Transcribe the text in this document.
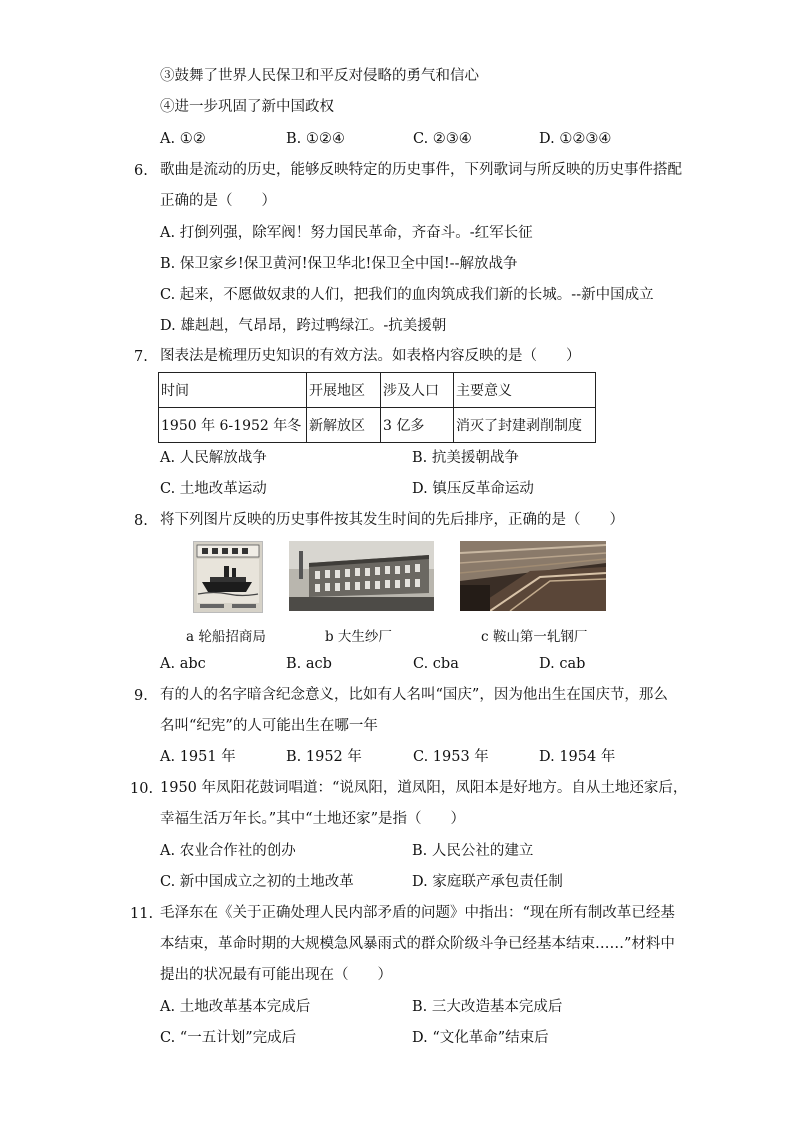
③鼓舞了世界人民保卫和平反对侵略的勇气和信心
④进一步巩固了新中国政权
A. ①②	B. ①②④	C. ②③④	D. ①②③④
6. 歌曲是流动的历史，能够反映特定的历史事件，下列歌词与所反映的历史事件搭配
正确的是（　　）
A. 打倒列强，除军阀！努力国民革命，齐奋斗。-红军长征
B. 保卫家乡!保卫黄河!保卫华北!保卫全中国!--解放战争
C. 起来，不愿做奴隶的人们，把我们的血肉筑成我们新的长城。--新中国成立
D. 雄赳赳，气昂昂，跨过鸭绿江。-抗美援朝
7. 图表法是梳理历史知识的有效方法。如表格内容反映的是（　　）
时间	开展地区	涉及人口	主要意义
1950 年 6-1952 年冬	新解放区	3 亿多	消灭了封建剥削制度
A. 人民解放战争	B. 抗美援朝战争
C. 土地改革运动	D. 镇压反革命运动
8. 将下列图片反映的历史事件按其发生时间的先后排序，正确的是（　　）
a 轮船招商局	b 大生纱厂	c 鞍山第一轧钢厂
A. abc	B. acb	C. cba	D. cab
9. 有的人的名字暗含纪念意义，比如有人名叫“国庆”，因为他出生在国庆节，那么
名叫“纪宪”的人可能出生在哪一年
A. 1951 年	B. 1952 年	C. 1953 年	D. 1954 年
10. 1950 年凤阳花鼓词唱道：“说凤阳，道凤阳，凤阳本是好地方。自从土地还家后，
幸福生活万年长。”其中“土地还家”是指（　　）
A. 农业合作社的创办	B. 人民公社的建立
C. 新中国成立之初的土地改革	D. 家庭联产承包责任制
11. 毛泽东在《关于正确处理人民内部矛盾的问题》中指出：“现在所有制改革已经基
本结束，革命时期的大规模急风暴雨式的群众阶级斗争已经基本结束……”材料中
提出的状况最有可能出现在（　　）
A. 土地改革基本完成后	B. 三大改造基本完成后
C. “一五计划”完成后	D. “文化革命”结束后
